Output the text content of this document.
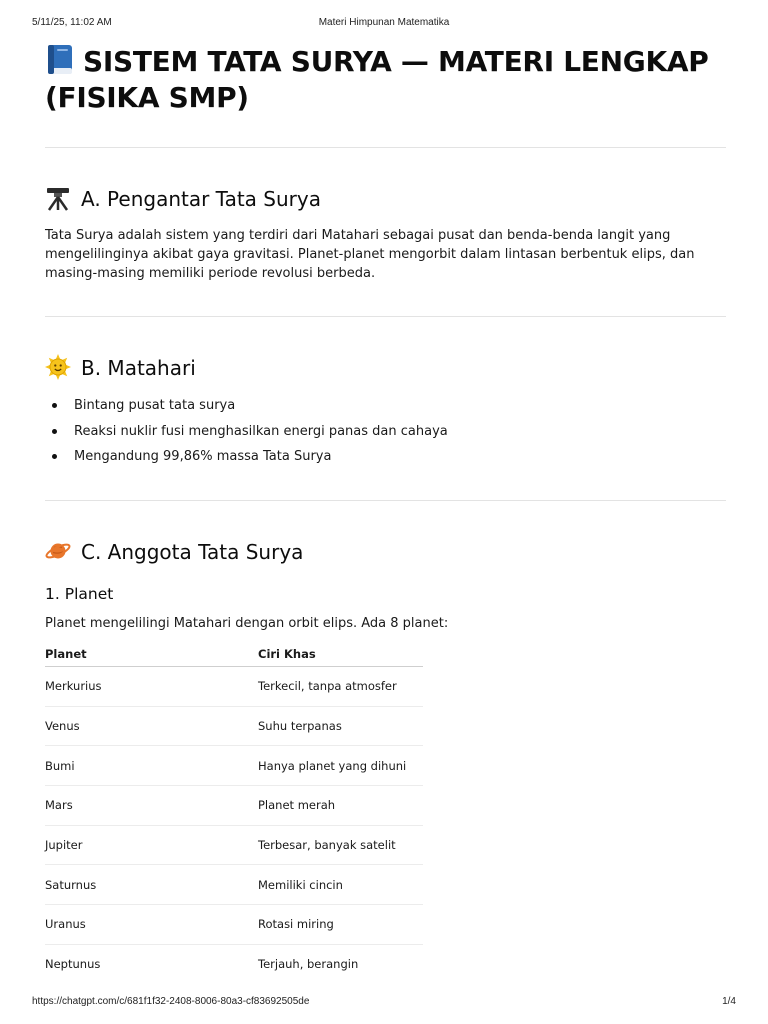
5/11/25, 11:02 AM	Materi Himpunan Matematika
SISTEM TATA SURYA — MATERI LENGKAP (FISIKA SMP)
A. Pengantar Tata Surya

Tata Surya adalah sistem yang terdiri dari Matahari sebagai pusat dan benda-benda langit yang mengelilinginya akibat gaya gravitasi. Planet-planet mengorbit dalam lintasan berbentuk elips, dan masing-masing memiliki periode revolusi berbeda.

B. Matahari
Bintang pusat tata surya
Reaksi nuklir fusi menghasilkan energi panas dan cahaya
Mengandung 99,86% massa Tata Surya
C. Anggota Tata Surya
1. Planet

Planet mengelilingi Matahari dengan orbit elips. Ada 8 planet:

Planet	Ciri Khas
Merkurius	Terkecil, tanpa atmosfer
Venus	Suhu terpanas
Bumi	Hanya planet yang dihuni
Mars	Planet merah
Jupiter	Terbesar, banyak satelit
Saturnus	Memiliki cincin
Uranus	Rotasi miring
Neptunus	Terjauh, berangin
https://chatgpt.com/c/681f1f32-2408-8006-80a3-cf83692505de	1/4
